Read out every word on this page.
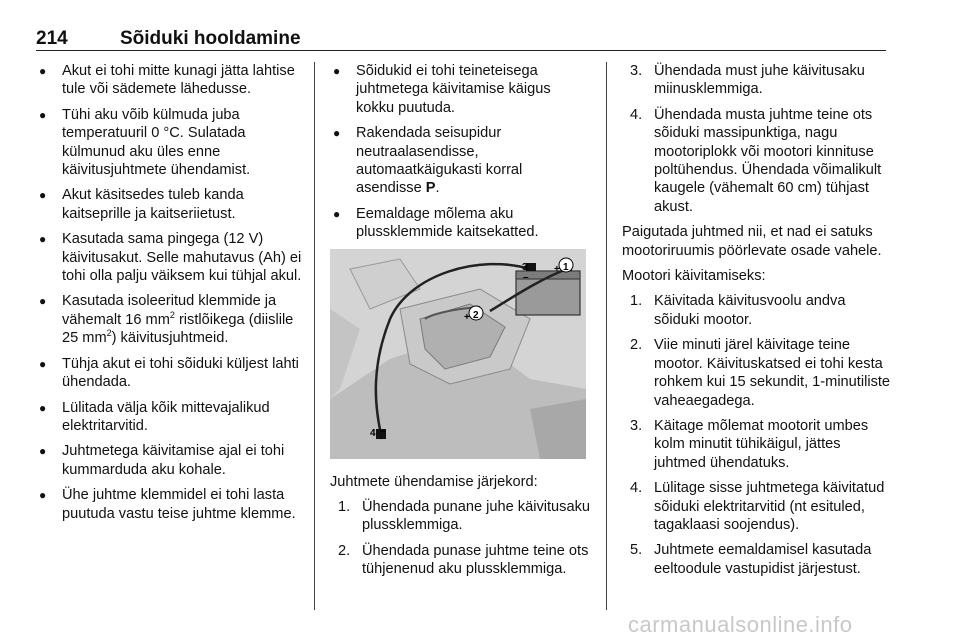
214	Sõiduki hooldamine
● Akut ei tohi mitte kunagi jätta lahtise tule või sädemete lähedusse.
● Tühi aku võib külmuda juba temperatuuril 0 °C. Sulatada külmunud aku üles enne käivitusjuhtmete ühendamist.
● Akut käsitsedes tuleb kanda kaitseprille ja kaitseriietust.
● Kasutada sama pingega (12 V) käivitusakut. Selle mahutavus (Ah) ei tohi olla palju väiksem kui tühjal akul.
● Kasutada isoleeritud klemmide ja vähemalt 16 $mm^2$ ristlõikega (diislile 25 $mm^2$) käivitusjuhtmeid.
● Tühja akut ei tohi sõiduki küljest lahti ühendada.
● Lülitada välja kõik mittevajalikud elektritarvitid.
● Juhtmetega käivitamise ajal ei tohi kummarduda aku kohale.
● Ühe juhtme klemmidel ei tohi lasta puutuda vastu teise juhtme klemme.
● Sõidukid ei tohi teineteisega juhtmetega käivitamise käigus kokku puutuda.
● Rakendada seisupidur neutraalasendisse, automaatkäigukasti korral asendisse P.
● Eemaldage mõlema aku plussklemmide kaitsekatted.
3
–
1
+
2
+
4 –

Juhtmete ühendamise järjekord:

1. Ühendada punane juhe käivitusaku plussklemmiga.
2. Ühendada punase juhtme teine ots tühjenenud aku plussklemmiga.
3. Ühendada must juhe käivitusaku miinusklemmiga.
4. Ühendada musta juhtme teine ots sõiduki massipunktiga, nagu mootoriplokk või mootori kinnituse poltühendus. Ühendada võimalikult kaugele (vähemalt 60 cm) tühjast akust.

Paigutada juhtmed nii, et nad ei satuks mootoriruumis pöörlevate osade vahele.

Mootori käivitamiseks:

1. Käivitada käivitusvoolu andva sõiduki mootor.
2. Viie minuti järel käivitage teine mootor. Käivituskatsed ei tohi kesta rohkem kui 15 sekundit, 1-minutiliste vaheaegadega.
3. Käitage mõlemat mootorit umbes kolm minutit tühikäigul, jättes juhtmed ühendatuks.
4. Lülitage sisse juhtmetega käivitatud sõiduki elektritarvitid (nt esituled, tagaklaasi soojendus).
5. Juhtmete eemaldamisel kasutada eeltoodule vastupidist järjestust.
carmanualsonline.info
